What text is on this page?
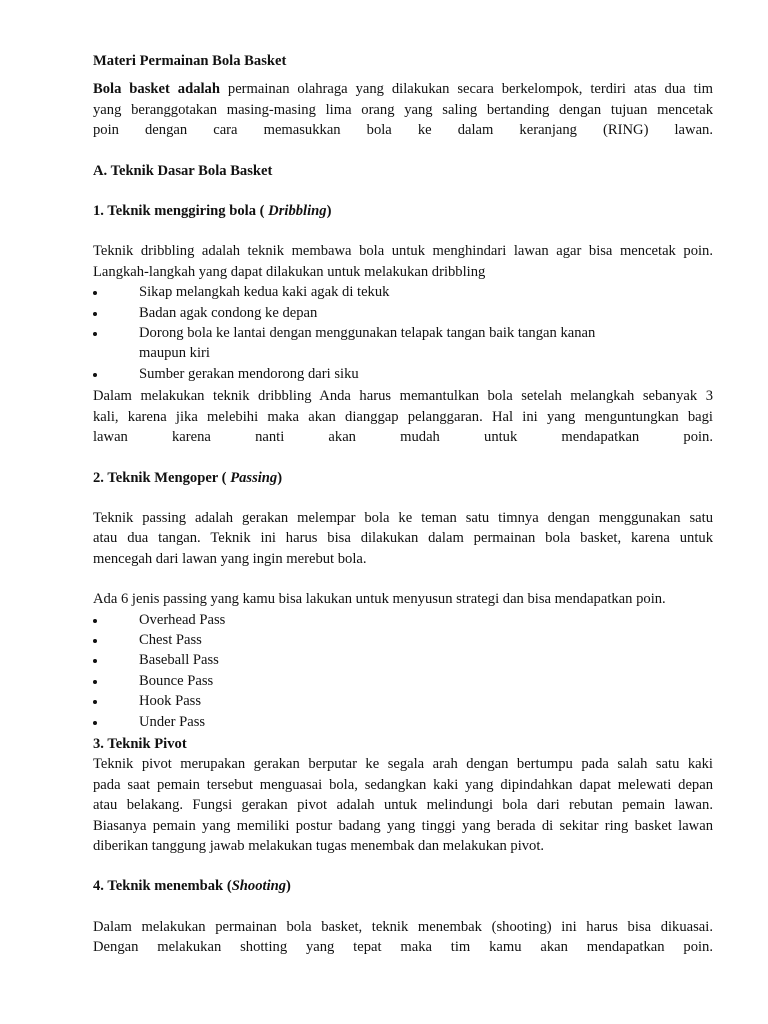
Materi Permainan Bola Basket
Bola basket adalah permainan olahraga yang dilakukan secara berkelompok, terdiri atas dua tim
yang beranggotakan masing-masing lima orang yang saling bertanding dengan tujuan mencetak
poin dengan cara memasukkan bola ke dalam keranjang (RING) lawan.
A. Teknik Dasar Bola Basket
1. Teknik menggiring bola ( Dribbling)
Teknik dribbling adalah teknik membawa bola untuk menghindari lawan agar bisa mencetak poin.
Langkah-langkah yang dapat dilakukan untuk melakukan dribbling
Sikap melangkah kedua kaki agak di tekuk
Badan agak condong ke depan
Dorong bola ke lantai dengan menggunakan telapak tangan baik tangan kanan
maupun kiri
Sumber gerakan mendorong dari siku
Dalam melakukan teknik dribbling Anda harus memantulkan bola setelah melangkah sebanyak 3
kali, karena jika melebihi maka akan dianggap pelanggaran. Hal ini yang menguntungkan bagi
lawan karena nanti akan mudah untuk mendapatkan poin.
2. Teknik Mengoper ( Passing)
Teknik passing adalah gerakan melempar bola ke teman satu timnya dengan menggunakan satu
atau dua tangan. Teknik ini harus bisa dilakukan dalam permainan bola basket, karena untuk
mencegah dari lawan yang ingin merebut bola.
Ada 6 jenis passing yang kamu bisa lakukan untuk menyusun strategi dan bisa mendapatkan poin.
Overhead Pass
Chest Pass
Baseball Pass
Bounce Pass
Hook Pass
Under Pass
3. Teknik Pivot
Teknik pivot merupakan gerakan berputar ke segala arah dengan bertumpu pada salah satu kaki
pada saat pemain tersebut menguasai bola, sedangkan kaki yang dipindahkan dapat melewati depan
atau belakang. Fungsi gerakan pivot adalah untuk melindungi bola dari rebutan pemain lawan.
Biasanya pemain yang memiliki postur badang yang tinggi yang berada di sekitar ring basket lawan
diberikan tanggung jawab melakukan tugas menembak dan melakukan pivot.
4. Teknik menembak (Shooting)
Dalam melakukan permainan bola basket, teknik menembak (shooting) ini harus bisa dikuasai.
Dengan melakukan shotting yang tepat maka tim kamu akan mendapatkan poin.
